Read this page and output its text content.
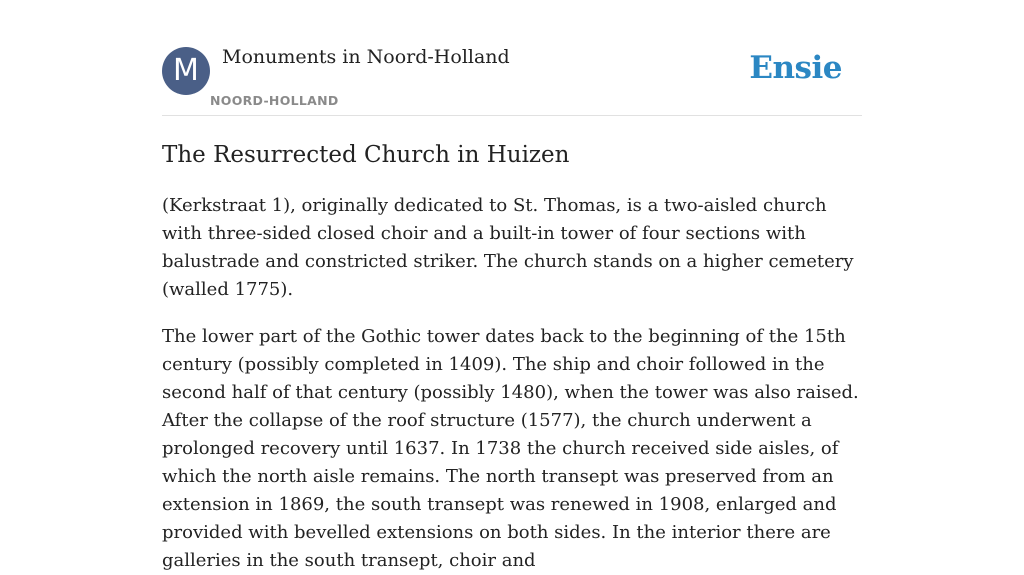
M	Monuments in Noord-Holland
NOORD-HOLLAND
Ensie
The Resurrected Church in Huizen

(Kerkstraat 1), originally dedicated to St. Thomas, is a two-aisled church with three-sided closed choir and a built-in tower of four sections with balustrade and constricted striker. The church stands on a higher cemetery (walled 1775).

The lower part of the Gothic tower dates back to the beginning of the 15th century (possibly completed in 1409). The ship and choir followed in the second half of that century (possibly 1480), when the tower was also raised. After the collapse of the roof structure (1577), the church underwent a prolonged recovery until 1637. In 1738 the church received side aisles, of which the north aisle remains. The north transept was preserved from an extension in 1869, the south transept was renewed in 1908, enlarged and provided with bevelled extensions on both sides. In the interior there are galleries in the south transept, choir and
